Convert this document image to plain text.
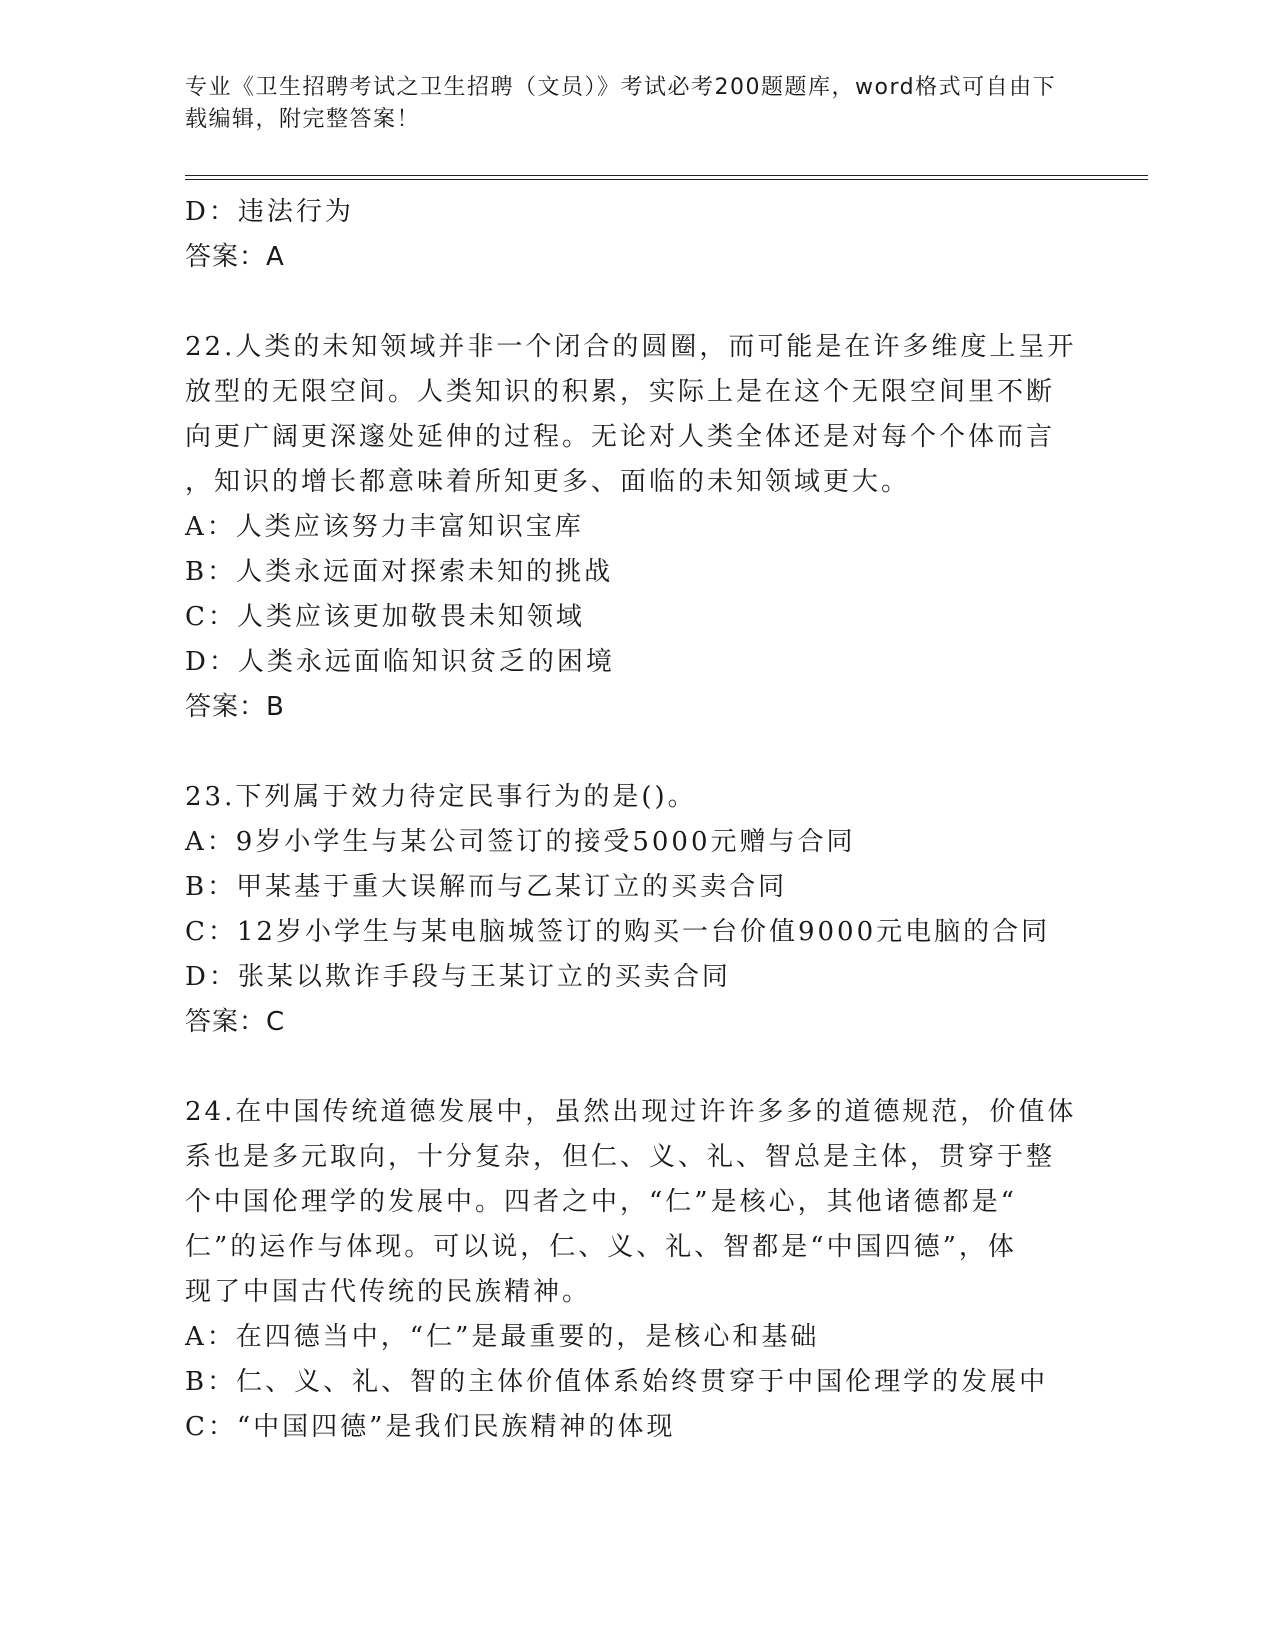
专业《卫生招聘考试之卫生招聘（文员）》考试必考200题题库，word格式可自由下载编辑，附完整答案！
D：违法行为
答案：A
22.人类的未知领域并非一个闭合的圆圈，而可能是在许多维度上呈开
放型的无限空间。人类知识的积累，实际上是在这个无限空间里不断
向更广阔更深邃处延伸的过程。无论对人类全体还是对每个个体而言
，知识的增长都意味着所知更多、面临的未知领域更大。
A：人类应该努力丰富知识宝库
B：人类永远面对探索未知的挑战
C：人类应该更加敬畏未知领域
D：人类永远面临知识贫乏的困境
答案：B
23.下列属于效力待定民事行为的是()。
A：9岁小学生与某公司签订的接受5000元赠与合同
B：甲某基于重大误解而与乙某订立的买卖合同
C：12岁小学生与某电脑城签订的购买一台价值9000元电脑的合同
D：张某以欺诈手段与王某订立的买卖合同
答案：C
24.在中国传统道德发展中，虽然出现过许许多多的道德规范，价值体
系也是多元取向，十分复杂，但仁、义、礼、智总是主体，贯穿于整
个中国伦理学的发展中。四者之中，“仁”是核心，其他诸德都是“
仁”的运作与体现。可以说，仁、义、礼、智都是“中国四德”，体
现了中国古代传统的民族精神。
A：在四德当中，“仁”是最重要的，是核心和基础
B：仁、义、礼、智的主体价值体系始终贯穿于中国伦理学的发展中
C：“中国四德”是我们民族精神的体现
